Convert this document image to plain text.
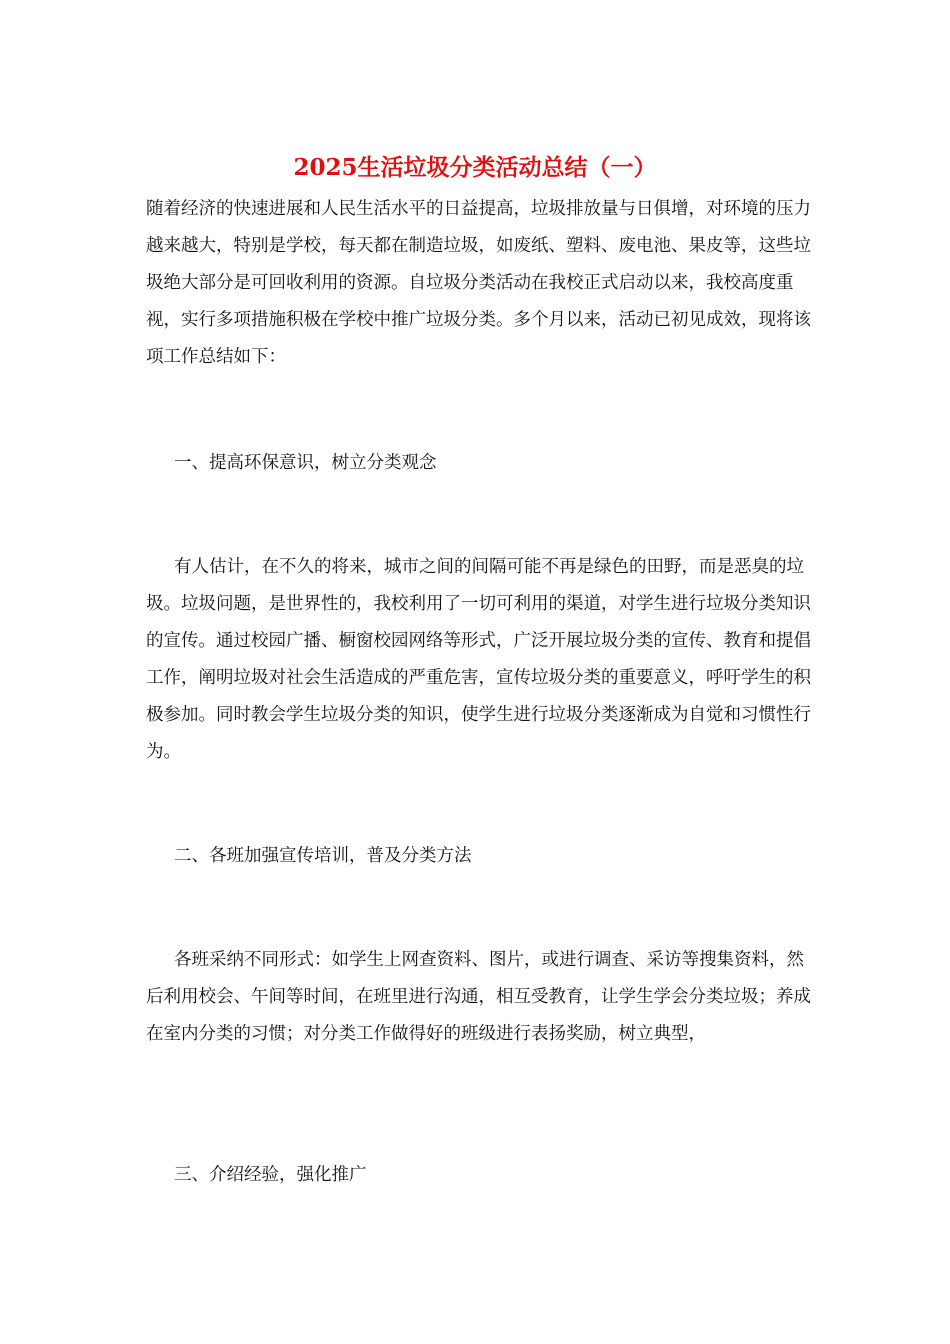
2025生活垃圾分类活动总结（一）

随着经济的快速进展和人民生活水平的日益提高，垃圾排放量与日俱增，对环境的压力越来越大，特别是学校，每天都在制造垃圾，如废纸、塑料、废电池、果皮等，这些垃圾绝大部分是可回收利用的资源。自垃圾分类活动在我校正式启动以来，我校高度重视，实行多项措施积极在学校中推广垃圾分类。多个月以来，活动已初见成效，现将该项工作总结如下：

一、提高环保意识，树立分类观念

有人估计，在不久的将来，城市之间的间隔可能不再是绿色的田野，而是恶臭的垃圾。垃圾问题，是世界性的，我校利用了一切可利用的渠道，对学生进行垃圾分类知识的宣传。通过校园广播、橱窗校园网络等形式，广泛开展垃圾分类的宣传、教育和提倡工作，阐明垃圾对社会生活造成的严重危害，宣传垃圾分类的重要意义，呼吁学生的积极参加。同时教会学生垃圾分类的知识，使学生进行垃圾分类逐渐成为自觉和习惯性行为。

二、各班加强宣传培训，普及分类方法

各班采纳不同形式：如学生上网查资料、图片，或进行调查、采访等搜集资料，然后利用校会、午间等时间，在班里进行沟通，相互受教育，让学生学会分类垃圾；养成在室内分类的习惯；对分类工作做得好的班级进行表扬奖励，树立典型，

三、介绍经验，强化推广
